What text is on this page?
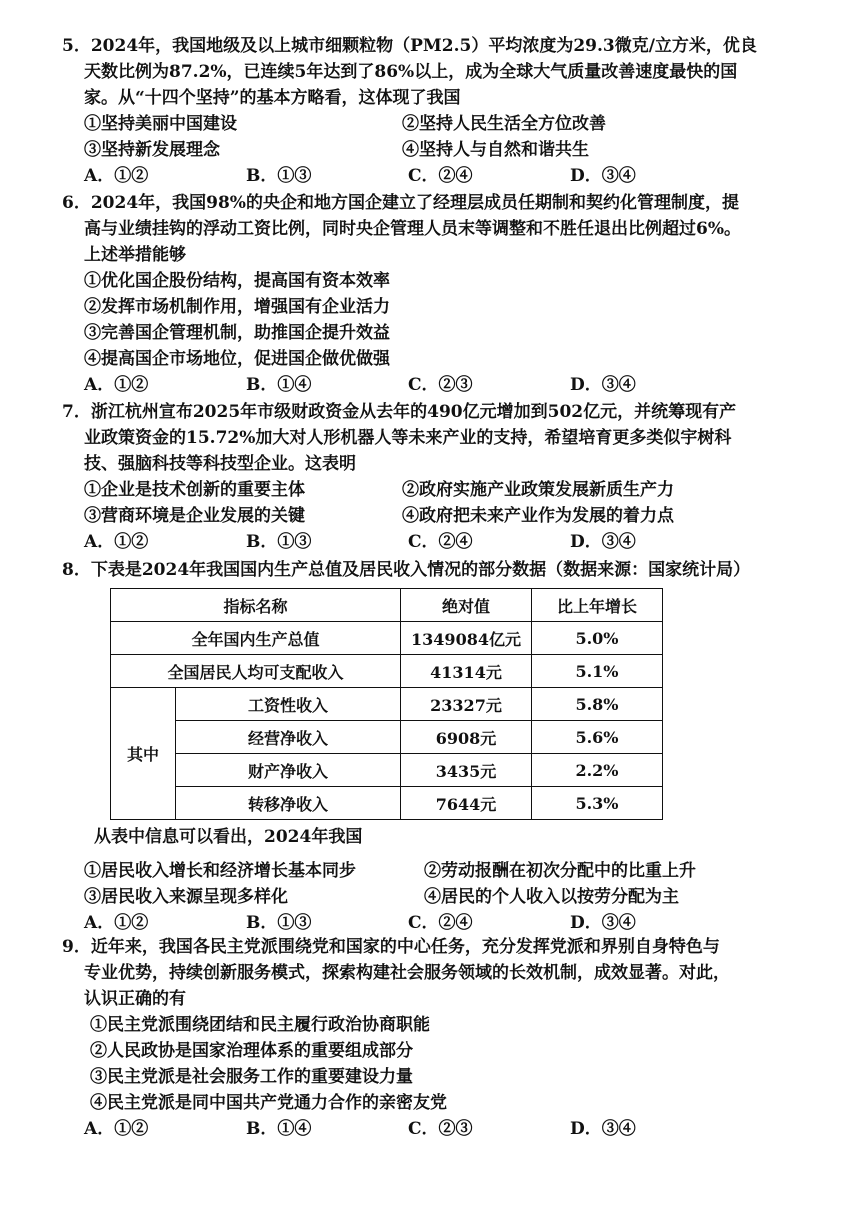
5．2024年，我国地级及以上城市细颗粒物（PM2.5）平均浓度为29.3微克/立方米，优良
天数比例为87.2%，已连续5年达到了86%以上，成为全球大气质量改善速度最快的国
家。从“十四个坚持”的基本方略看，这体现了我国
①坚持美丽中国建设	②坚持人民生活全方位改善
③坚持新发展理念	④坚持人与自然和谐共生
A．①②	B．①③	C．②④	D．③④
6．2024年，我国98%的央企和地方国企建立了经理层成员任期制和契约化管理制度，提
高与业绩挂钩的浮动工资比例，同时央企管理人员末等调整和不胜任退出比例超过6%。
上述举措能够
①优化国企股份结构，提高国有资本效率
②发挥市场机制作用，增强国有企业活力
③完善国企管理机制，助推国企提升效益
④提高国企市场地位，促进国企做优做强
A．①②	B．①④	C．②③	D．③④
7．浙江杭州宣布2025年市级财政资金从去年的490亿元增加到502亿元，并统筹现有产
业政策资金的15.72%加大对人形机器人等未来产业的支持，希望培育更多类似宇树科
技、强脑科技等科技型企业。这表明
①企业是技术创新的重要主体	②政府实施产业政策发展新质生产力
③营商环境是企业发展的关键	④政府把未来产业作为发展的着力点
A．①②	B．①③	C．②④	D．③④
8．下表是2024年我国国内生产总值及居民收入情况的部分数据（数据来源：国家统计局）
指标名称		绝对值	比上年增长
全年国内生产总值		1349084亿元	5.0%
全国居民人均可支配收入		41314元	5.1%
其中	工资性收入	23327元	5.8%
	经营净收入	6908元	5.6%
	财产净收入	3435元	2.2%
	转移净收入	7644元	5.3%
从表中信息可以看出，2024年我国
①居民收入增长和经济增长基本同步	②劳动报酬在初次分配中的比重上升
③居民收入来源呈现多样化	④居民的个人收入以按劳分配为主
A．①②	B．①③	C．②④	D．③④
9．近年来，我国各民主党派围绕党和国家的中心任务，充分发挥党派和界别自身特色与
专业优势，持续创新服务模式，探索构建社会服务领域的长效机制，成效显著。对此，
认识正确的有
①民主党派围绕团结和民主履行政治协商职能
②人民政协是国家治理体系的重要组成部分
③民主党派是社会服务工作的重要建设力量
④民主党派是同中国共产党通力合作的亲密友党
A．①②	B．①④	C．②③	D．③④
